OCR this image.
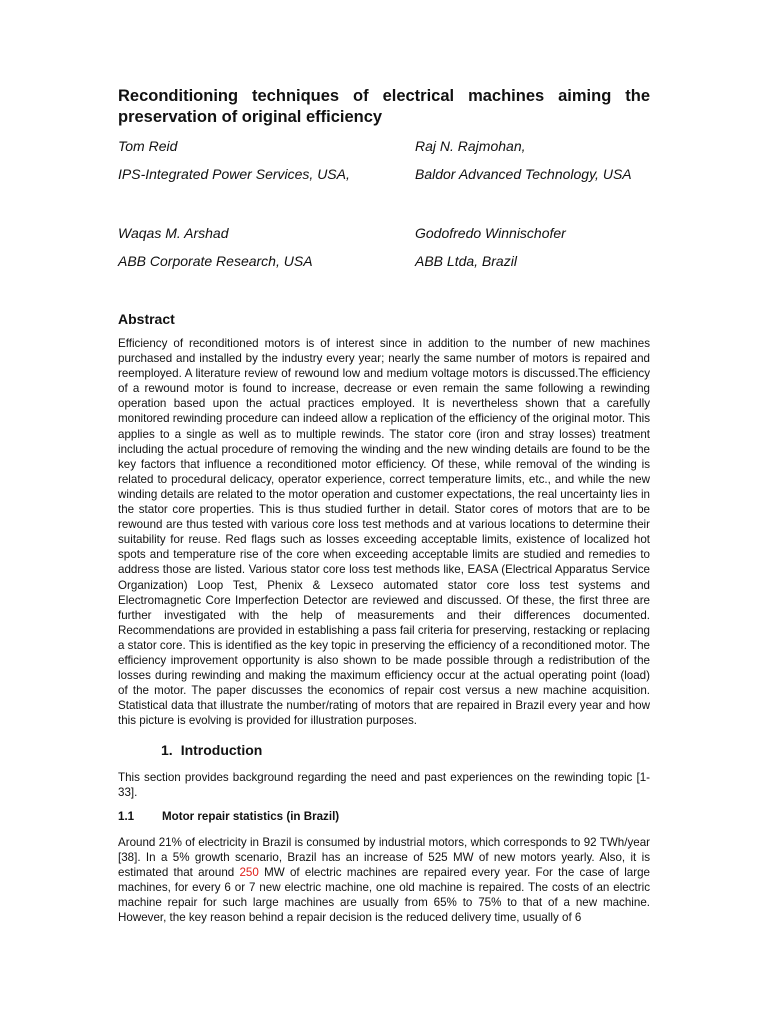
Reconditioning techniques of electrical machines aiming the preservation of original efficiency
Tom Reid	Raj N. Rajmohan,
IPS-Integrated Power Services, USA,	Baldor Advanced Technology, USA
Waqas M. Arshad	Godofredo Winnischofer
ABB Corporate Research, USA	ABB Ltda, Brazil
Abstract

Efficiency of reconditioned motors is of interest since in addition to the number of new machines purchased and installed by the industry every year; nearly the same number of motors is repaired and reemployed. A literature review of rewound low and medium voltage motors is discussed.The efficiency of a rewound motor is found to increase, decrease or even remain the same following a rewinding operation based upon the actual practices employed. It is nevertheless shown that a carefully monitored rewinding procedure can indeed allow a replication of the efficiency of the original motor. This applies to a single as well as to multiple rewinds. The stator core (iron and stray losses) treatment including the actual procedure of removing the winding and the new winding details are found to be the key factors that influence a reconditioned motor efficiency. Of these, while removal of the winding is related to procedural delicacy, operator experience, correct temperature limits, etc., and while the new winding details are related to the motor operation and customer expectations, the real uncertainty lies in the stator core properties. This is thus studied further in detail. Stator cores of motors that are to be rewound are thus tested with various core loss test methods and at various locations to determine their suitability for reuse. Red flags such as losses exceeding acceptable limits, existence of localized hot spots and temperature rise of the core when exceeding acceptable limits are studied and remedies to address those are listed. Various stator core loss test methods like, EASA (Electrical Apparatus Service Organization) Loop Test, Phenix & Lexseco automated stator core loss test systems and Electromagnetic Core Imperfection Detector are reviewed and discussed. Of these, the first three are further investigated with the help of measurements and their differences documented. Recommendations are provided in establishing a pass fail criteria for preserving, restacking or replacing a stator core. This is identified as the key topic in preserving the efficiency of a reconditioned motor. The efficiency improvement opportunity is also shown to be made possible through a redistribution of the losses during rewinding and making the maximum efficiency occur at the actual operating point (load) of the motor. The paper discusses the economics of repair cost versus a new machine acquisition. Statistical data that illustrate the number/rating of motors that are repaired in Brazil every year and how this picture is evolving is provided for illustration purposes.

1. Introduction

This section provides background regarding the need and past experiences on the rewinding topic [1-33].

1.1 Motor repair statistics (in Brazil)

Around 21% of electricity in Brazil is consumed by industrial motors, which corresponds to 92 TWh/year [38]. In a 5% growth scenario, Brazil has an increase of 525 MW of new motors yearly. Also, it is estimated that around 250 MW of electric machines are repaired every year. For the case of large machines, for every 6 or 7 new electric machine, one old machine is repaired. The costs of an electric machine repair for such large machines are usually from 65% to 75% to that of a new machine. However, the key reason behind a repair decision is the reduced delivery time, usually of 6
